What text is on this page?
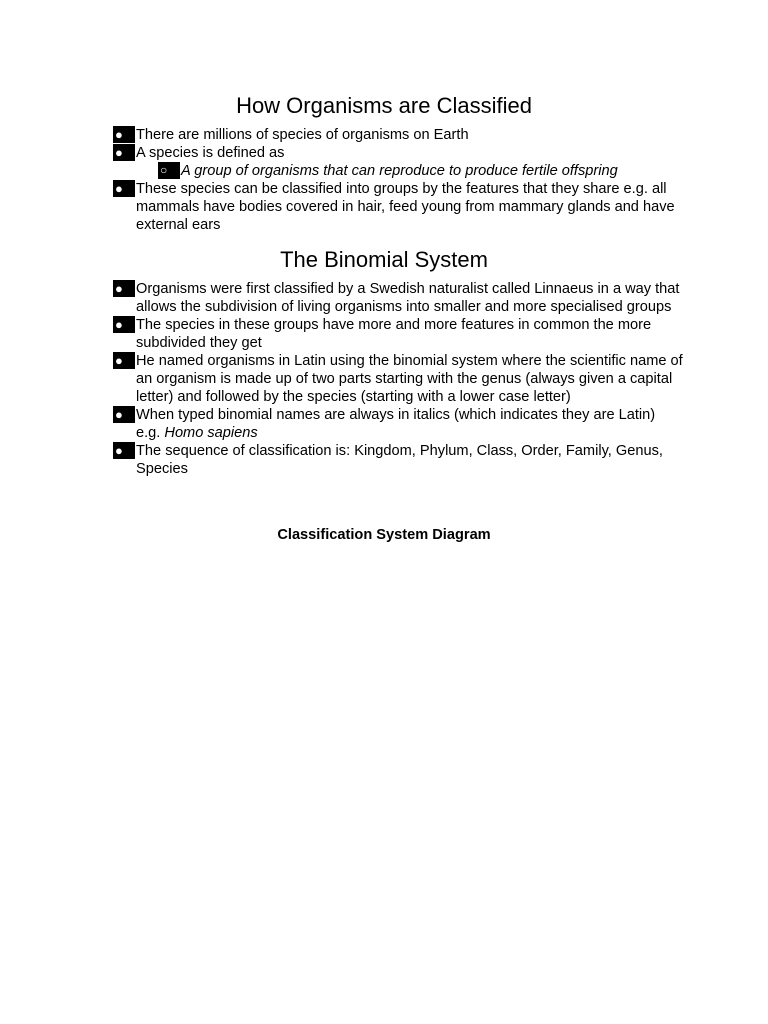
How Organisms are Classified
● There are millions of species of organisms on Earth
● A species is defined as
○ A group of organisms that can reproduce to produce fertile offspring
● These species can be classified into groups by the features that they share e.g. all mammals have bodies covered in hair, feed young from mammary glands and have external ears
The Binomial System
● Organisms were first classified by a Swedish naturalist called Linnaeus in a way that allows the subdivision of living organisms into smaller and more specialised groups
● The species in these groups have more and more features in common the more subdivided they get
● He named organisms in Latin using the binomial system where the scientific name of an organism is made up of two parts starting with the genus (always given a capital letter) and followed by the species (starting with a lower case letter)
● When typed binomial names are always in italics (which indicates they are Latin) e.g. Homo sapiens
● The sequence of classification is: Kingdom, Phylum, Class, Order, Family, Genus, Species
Classification System Diagram
